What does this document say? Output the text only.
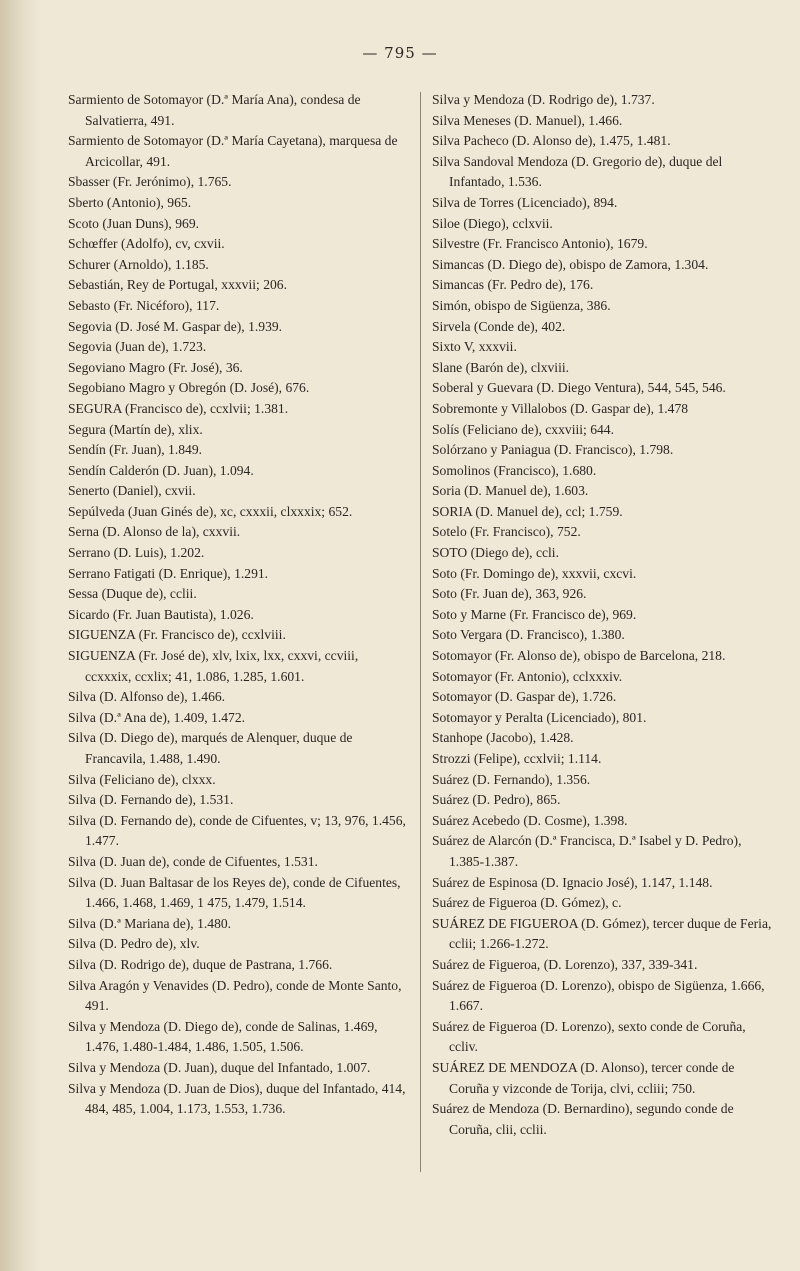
— 795 —

Sarmiento de Sotomayor (D.ª María Ana), condesa de Salvatierra, 491.

Sarmiento de Sotomayor (D.ª María Cayetana), marquesa de Arcicollar, 491.

Sbasser (Fr. Jerónimo), 1.765.

Sberto (Antonio), 965.

Scoto (Juan Duns), 969.

Schœffer (Adolfo), cv, cxvii.

Schurer (Arnoldo), 1.185.

Sebastián, Rey de Portugal, xxxvii; 206.

Sebasto (Fr. Nicéforo), 117.

Segovia (D. José M. Gaspar de), 1.939.

Segovia (Juan de), 1.723.

Segoviano Magro (Fr. José), 36.

Segobiano Magro y Obregón (D. José), 676.

SEGURA (Francisco de), ccxlvii; 1.381.

Segura (Martín de), xlix.

Sendín (Fr. Juan), 1.849.

Sendín Calderón (D. Juan), 1.094.

Senerto (Daniel), cxvii.

Sepúlveda (Juan Ginés de), xc, cxxxii, clxxxix; 652.

Serna (D. Alonso de la), cxxvii.

Serrano (D. Luis), 1.202.

Serrano Fatigati (D. Enrique), 1.291.

Sessa (Duque de), cclii.

Sicardo (Fr. Juan Bautista), 1.026.

SIGUENZA (Fr. Francisco de), ccxlviii.

SIGUENZA (Fr. José de), xlv, lxix, lxx, cxxvi, ccviii, ccxxxix, ccxlix; 41, 1.086, 1.285, 1.601.

Silva (D. Alfonso de), 1.466.

Silva (D.ª Ana de), 1.409, 1.472.

Silva (D. Diego de), marqués de Alenquer, duque de Francavila, 1.488, 1.490.

Silva (Feliciano de), clxxx.

Silva (D. Fernando de), 1.531.

Silva (D. Fernando de), conde de Cifuentes, v; 13, 976, 1.456, 1.477.

Silva (D. Juan de), conde de Cifuentes, 1.531.

Silva (D. Juan Baltasar de los Reyes de), conde de Cifuentes, 1.466, 1.468, 1.469, 1 475, 1.479, 1.514.

Silva (D.ª Mariana de), 1.480.

Silva (D. Pedro de), xlv.

Silva (D. Rodrigo de), duque de Pastrana, 1.766.

Silva Aragón y Venavides (D. Pedro), conde de Monte Santo, 491.

Silva y Mendoza (D. Diego de), conde de Salinas, 1.469, 1.476, 1.480-1.484, 1.486, 1.505, 1.506.

Silva y Mendoza (D. Juan), duque del Infantado, 1.007.

Silva y Mendoza (D. Juan de Dios), duque del Infantado, 414, 484, 485, 1.004, 1.173, 1.553, 1.736.

Silva y Mendoza (D. Rodrigo de), 1.737.

Silva Meneses (D. Manuel), 1.466.

Silva Pacheco (D. Alonso de), 1.475, 1.481.

Silva Sandoval Mendoza (D. Gregorio de), duque del Infantado, 1.536.

Silva de Torres (Licenciado), 894.

Siloe (Diego), cclxvii.

Silvestre (Fr. Francisco Antonio), 1679.

Simancas (D. Diego de), obispo de Zamora, 1.304.

Simancas (Fr. Pedro de), 176.

Simón, obispo de Sigüenza, 386.

Sirvela (Conde de), 402.

Sixto V, xxxvii.

Slane (Barón de), clxviii.

Soberal y Guevara (D. Diego Ventura), 544, 545, 546.

Sobremonte y Villalobos (D. Gaspar de), 1.478

Solís (Feliciano de), cxxviii; 644.

Solórzano y Paniagua (D. Francisco), 1.798.

Somolinos (Francisco), 1.680.

Soria (D. Manuel de), 1.603.

SORIA (D. Manuel de), ccl; 1.759.

Sotelo (Fr. Francisco), 752.

SOTO (Diego de), ccli.

Soto (Fr. Domingo de), xxxvii, cxcvi.

Soto (Fr. Juan de), 363, 926.

Soto y Marne (Fr. Francisco de), 969.

Soto Vergara (D. Francisco), 1.380.

Sotomayor (Fr. Alonso de), obispo de Barcelona, 218.

Sotomayor (Fr. Antonio), cclxxxiv.

Sotomayor (D. Gaspar de), 1.726.

Sotomayor y Peralta (Licenciado), 801.

Stanhope (Jacobo), 1.428.

Strozzi (Felipe), ccxlvii; 1.114.

Suárez (D. Fernando), 1.356.

Suárez (D. Pedro), 865.

Suárez Acebedo (D. Cosme), 1.398.

Suárez de Alarcón (D.ª Francisca, D.ª Isabel y D. Pedro), 1.385-1.387.

Suárez de Espinosa (D. Ignacio José), 1.147, 1.148.

Suárez de Figueroa (D. Gómez), c.

SUÁREZ DE FIGUEROA (D. Gómez), tercer duque de Feria, cclii; 1.266-1.272.

Suárez de Figueroa, (D. Lorenzo), 337, 339-341.

Suárez de Figueroa (D. Lorenzo), obispo de Sigüenza, 1.666, 1.667.

Suárez de Figueroa (D. Lorenzo), sexto conde de Coruña, ccliv.

SUÁREZ DE MENDOZA (D. Alonso), tercer conde de Coruña y vizconde de Torija, clvi, ccliii; 750.

Suárez de Mendoza (D. Bernardino), segundo conde de Coruña, clii, cclii.
